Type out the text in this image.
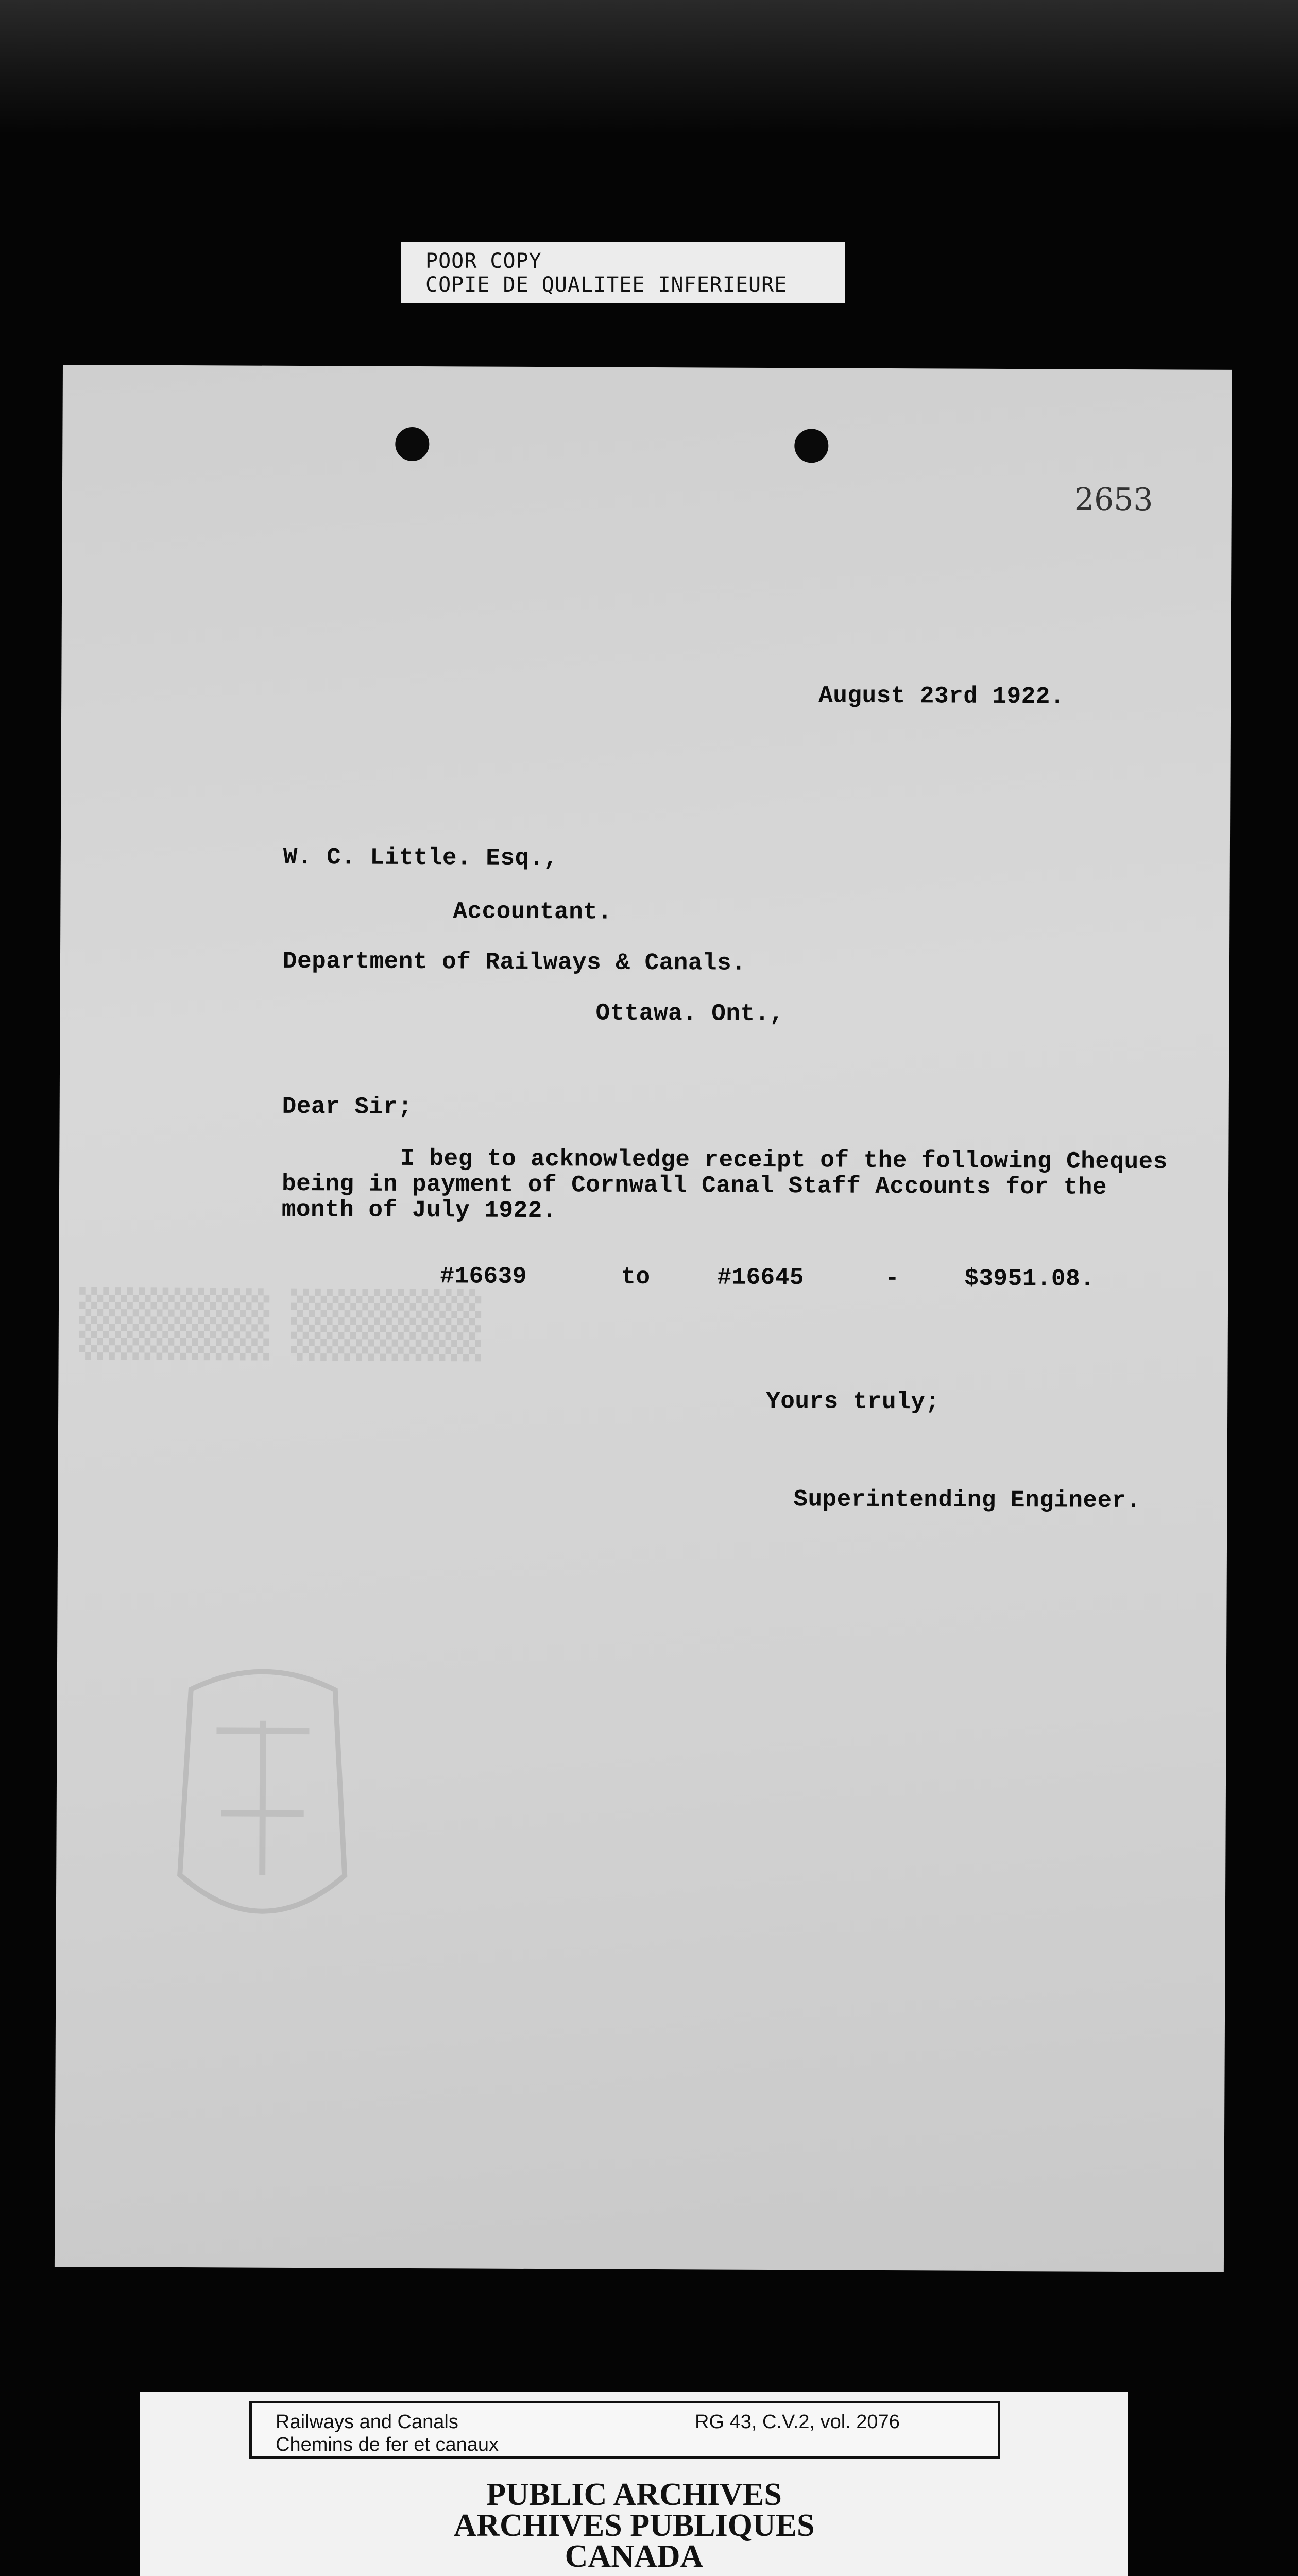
POOR COPY
COPIE DE QUALITEE INFERIEURE
2653
▒▒▒▒ ▒▒▒▒
August 23rd 1922.
W. C. Little. Esq.,
Accountant.
Department of Railways & Canals.
Ottawa. Ont.,
Dear Sir;
I beg to acknowledge receipt of the following Cheques
being in payment of Cornwall Canal Staff Accounts for the
month of July 1922.
#16639	to	#16645	-	$3951.08.
Yours truly;
Superintending Engineer.
Railways and Canals
Chemins de fer et canaux
RG 43, C.V.2, vol. 2076
PUBLIC ARCHIVES
ARCHIVES PUBLIQUES
CANADA
